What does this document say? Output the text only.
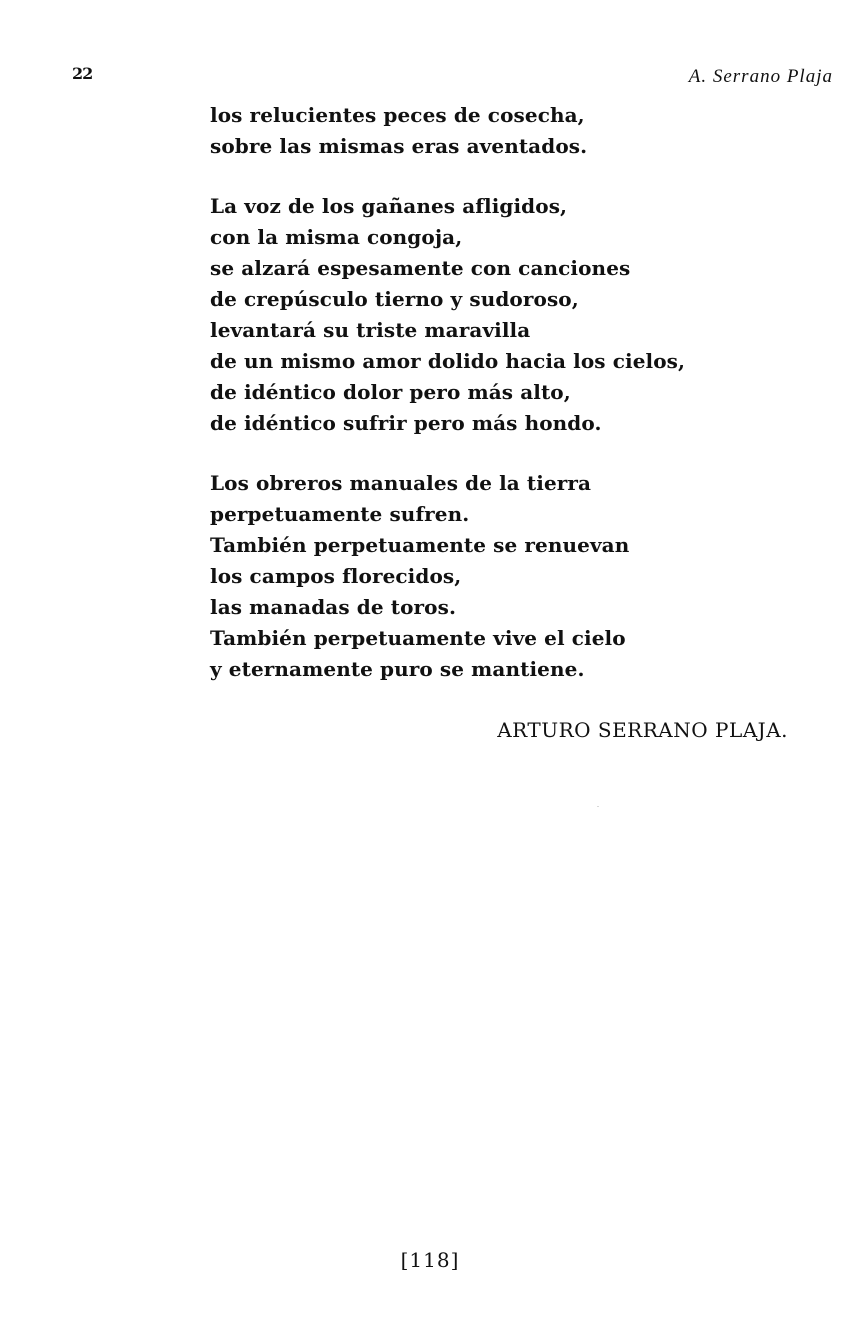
22	A. Serrano Plaja
los relucientes peces de cosecha,
sobre las mismas eras aventados.
La voz de los gañanes afligidos,
con la misma congoja,
se alzará espesamente con canciones
de crepúsculo tierno y sudoroso,
levantará su triste maravilla
de un mismo amor dolido hacia los cielos,
de idéntico dolor pero más alto,
de idéntico sufrir pero más hondo.
Los obreros manuales de la tierra
perpetuamente sufren.
También perpetuamente se renuevan
los campos florecidos,
las manadas de toros.
También perpetuamente vive el cielo
y eternamente puro se mantiene.
ARTURO SERRANO PLAJA.
[118]
